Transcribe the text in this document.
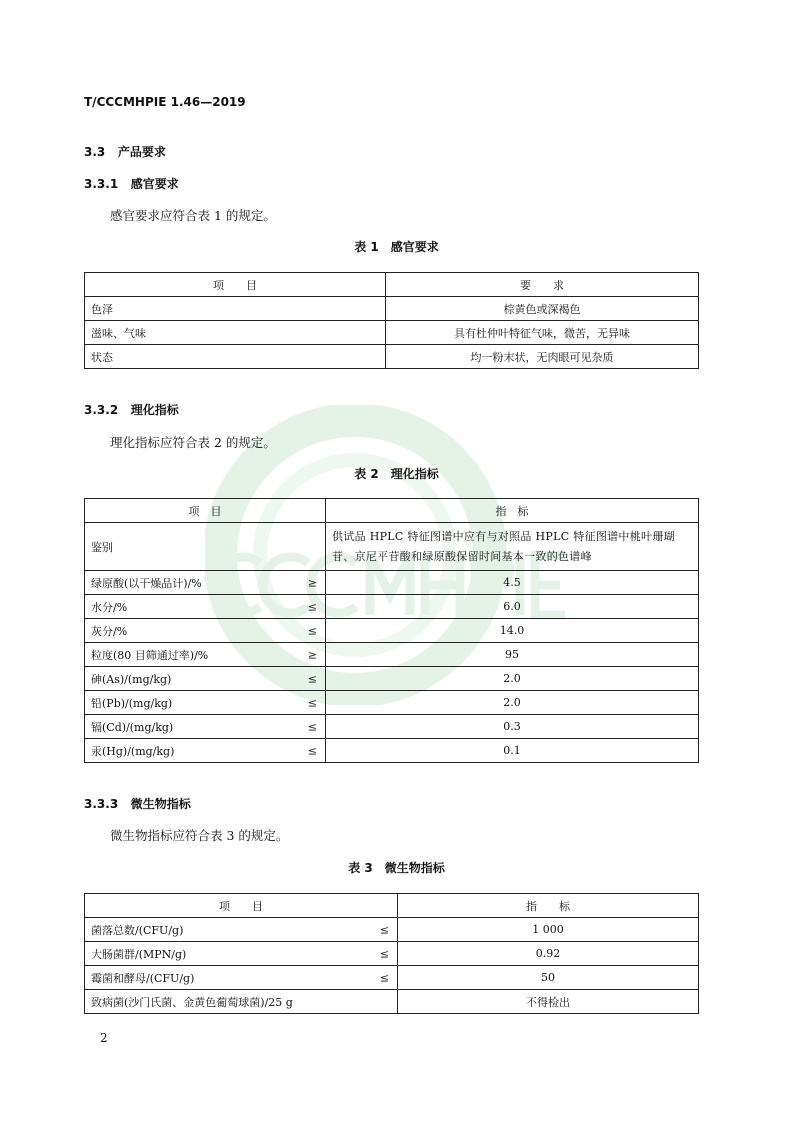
T/CCCMHPIE 1.46—2019
3.3 产品要求
3.3.1 感官要求
感官要求应符合表 1 的规定。
表 1　感官要求
项　　目	要　　求
色泽	棕黄色或深褐色
滋味、气味	具有杜仲叶特征气味，微苦，无异味
状态	均一粉末状，无肉眼可见杂质
3.3.2 理化指标
理化指标应符合表 2 的规定。
表 2　理化指标
项　目	指　标
鉴别	供试品 HPLC 特征图谱中应有与对照品 HPLC 特征图谱中桃叶珊瑚苷、京尼平苷酸和绿原酸保留时间基本一致的色谱峰
绿原酸(以干燥品计)/% ≥	4.5
水分/% ≤	6.0
灰分/% ≤	14.0
粒度(80 目筛通过率)/% ≥	95
砷(As)/(mg/kg) ≤	2.0
铅(Pb)/(mg/kg) ≤	2.0
镉(Cd)/(mg/kg) ≤	0.3
汞(Hg)/(mg/kg) ≤	0.1
3.3.3 微生物指标
微生物指标应符合表 3 的规定。
表 3　微生物指标
项　　目	指　　标
菌落总数/(CFU/g) ≤	1 000
大肠菌群/(MPN/g) ≤	0.92
霉菌和酵母/(CFU/g) ≤	50
致病菌(沙门氏菌、金黄色葡萄球菌)/25 g	不得检出
2
